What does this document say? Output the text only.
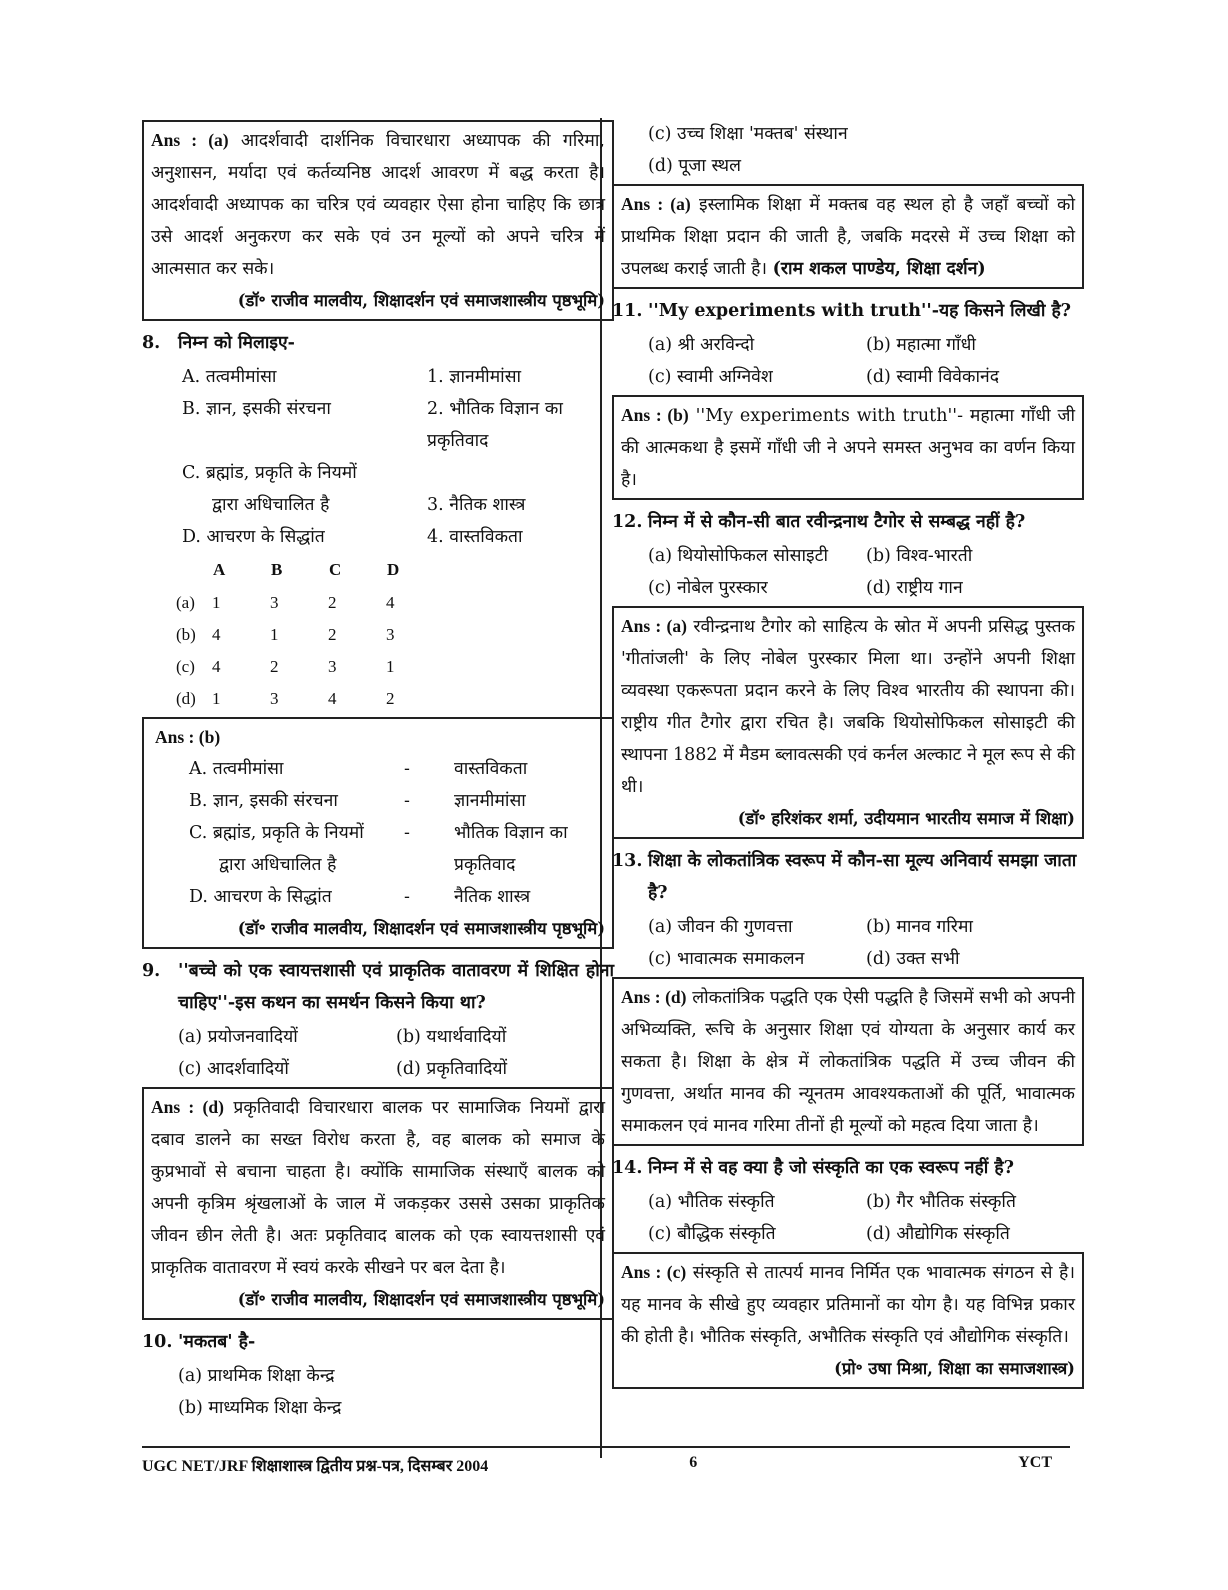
Ans : (a) आदर्शवादी दार्शनिक विचारधारा अध्यापक की गरिमा, अनुशासन, मर्यादा एवं कर्तव्यनिष्ठ आदर्श आवरण में बद्ध करता है। आदर्शवादी अध्यापक का चरित्र एवं व्यवहार ऐसा होना चाहिए कि छात्र उसे आदर्श अनुकरण कर सके एवं उन मूल्यों को अपने चरित्र में आत्मसात कर सके।
(डॉ॰ राजीव मालवीय, शिक्षादर्शन एवं समाजशास्त्रीय पृष्ठभूमि)
8.	निम्न को मिलाइए-
A. तत्वमीमांसा	1. ज्ञानमीमांसा
B. ज्ञान, इसकी संरचना	2. भौतिक विज्ञान का
प्रकृतिवाद
C. ब्रह्मांड, प्रकृति के नियमों
द्वारा अधिचालित है	3. नैतिक शास्त्र
D. आचरण के सिद्धांत	4. वास्तविकता
	A	B	C	D
(a)	1	3	2	4
(b)	4	1	2	3
(c)	4	2	3	1
(d)	1	3	4	2
Ans : (b)
A. तत्वमीमांसा	-	वास्तविकता
B. ज्ञान, इसकी संरचना	-	ज्ञानमीमांसा
C. ब्रह्मांड, प्रकृति के नियमों	-	भौतिक विज्ञान का
द्वारा अधिचालित है	प्रकृतिवाद
D. आचरण के सिद्धांत	-	नैतिक शास्त्र
(डॉ॰ राजीव मालवीय, शिक्षादर्शन एवं समाजशास्त्रीय पृष्ठभूमि)
9.	''बच्चे को एक स्वायत्तशासी एवं प्राकृतिक वातावरण में शिक्षित होना चाहिए''-इस कथन का समर्थन किसने किया था?
(a) प्रयोजनवादियों	(b) यथार्थवादियों
(c) आदर्शवादियों	(d) प्रकृतिवादियों
Ans : (d) प्रकृतिवादी विचारधारा बालक पर सामाजिक नियमों द्वारा दबाव डालने का सख्त विरोध करता है, वह बालक को समाज के कुप्रभावों से बचाना चाहता है। क्योंकि सामाजिक संस्थाएँ बालक को अपनी कृत्रिम श्रृंखलाओं के जाल में जकड़कर उससे उसका प्राकृतिक जीवन छीन लेती है। अतः प्रकृतिवाद बालक को एक स्वायत्तशासी एवं प्राकृतिक वातावरण में स्वयं करके सीखने पर बल देता है।
(डॉ॰ राजीव मालवीय, शिक्षादर्शन एवं समाजशास्त्रीय पृष्ठभूमि)
10. 'मकतब' है-
(a) प्राथमिक शिक्षा केन्द्र
(b) माध्यमिक शिक्षा केन्द्र
(c) उच्च शिक्षा 'मक्तब' संस्थान
(d) पूजा स्थल
Ans : (a) इस्लामिक शिक्षा में मक्तब वह स्थल हो है जहाँ बच्चों को प्राथमिक शिक्षा प्रदान की जाती है, जबकि मदरसे में उच्च शिक्षा को उपलब्ध कराई जाती है। (राम शकल पाण्डेय, शिक्षा दर्शन)
11. ''My experiments with truth''-यह किसने लिखी है?
(a) श्री अरविन्दो	(b) महात्मा गाँधी
(c) स्वामी अग्निवेश	(d) स्वामी विवेकानंद
Ans : (b) ''My experiments with truth''- महात्मा गाँधी जी की आत्मकथा है इसमें गाँधी जी ने अपने समस्त अनुभव का वर्णन किया है।
12. निम्न में से कौन-सी बात रवीन्द्रनाथ टैगोर से सम्बद्ध नहीं है?
(a) थियोसोफिकल सोसाइटी	(b) विश्व-भारती
(c) नोबेल पुरस्कार	(d) राष्ट्रीय गान
Ans : (a) रवीन्द्रनाथ टैगोर को साहित्य के स्रोत में अपनी प्रसिद्ध पुस्तक 'गीतांजली' के लिए नोबेल पुरस्कार मिला था। उन्होंने अपनी शिक्षा व्यवस्था एकरूपता प्रदान करने के लिए विश्व भारतीय की स्थापना की। राष्ट्रीय गीत टैगोर द्वारा रचित है। जबकि थियोसोफिकल सोसाइटी की स्थापना 1882 में मैडम ब्लावत्सकी एवं कर्नल अल्काट ने मूल रूप से की थी।
(डॉ॰ हरिशंकर शर्मा, उदीयमान भारतीय समाज में शिक्षा)
13. शिक्षा के लोकतांत्रिक स्वरूप में कौन-सा मूल्य अनिवार्य समझा जाता है?
(a) जीवन की गुणवत्ता	(b) मानव गरिमा
(c) भावात्मक समाकलन	(d) उक्त सभी
Ans : (d) लोकतांत्रिक पद्धति एक ऐसी पद्धति है जिसमें सभी को अपनी अभिव्यक्ति, रूचि के अनुसार शिक्षा एवं योग्यता के अनुसार कार्य कर सकता है। शिक्षा के क्षेत्र में लोकतांत्रिक पद्धति में उच्च जीवन की गुणवत्ता, अर्थात मानव की न्यूनतम आवश्यकताओं की पूर्ति, भावात्मक समाकलन एवं मानव गरिमा तीनों ही मूल्यों को महत्व दिया जाता है।
14. निम्न में से वह क्या है जो संस्कृति का एक स्वरूप नहीं है?
(a) भौतिक संस्कृति	(b) गैर भौतिक संस्कृति
(c) बौद्धिक संस्कृति	(d) औद्योगिक संस्कृति
Ans : (c) संस्कृति से तात्पर्य मानव निर्मित एक भावात्मक संगठन से है। यह मानव के सीखे हुए व्यवहार प्रतिमानों का योग है। यह विभिन्न प्रकार की होती है। भौतिक संस्कृति, अभौतिक संस्कृति एवं औद्योगिक संस्कृति।
(प्रो॰ उषा मिश्रा, शिक्षा का समाजशास्त्र)
UGC NET/JRF शिक्षाशास्त्र द्वितीय प्रश्न-पत्र, दिसम्बर 2004	6	YCT
